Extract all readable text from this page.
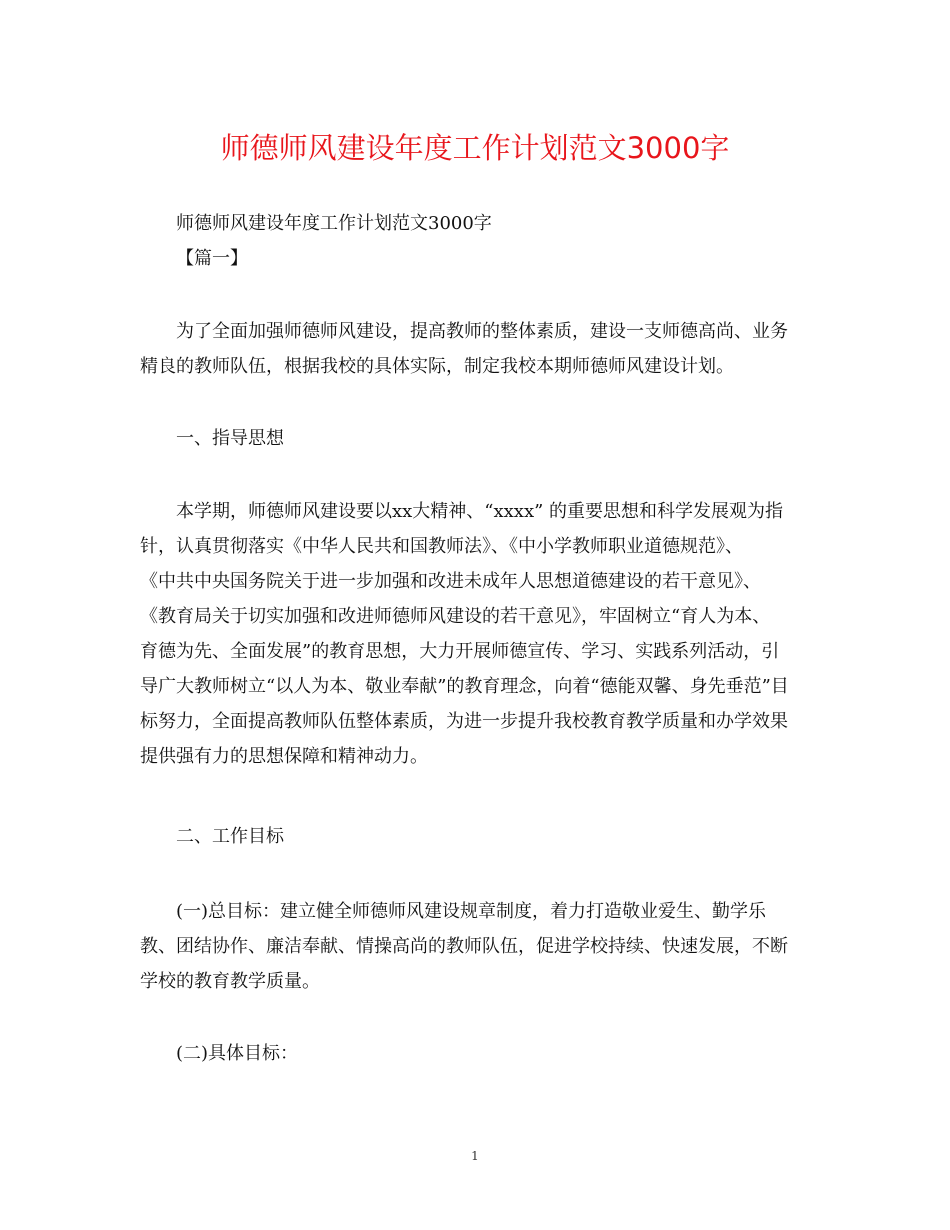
师德师风建设年度工作计划范文3000字
师德师风建设年度工作计划范文3000字
【篇一】
为了全面加强师德师风建设，提高教师的整体素质，建设一支师德高尚、业务
精良的教师队伍，根据我校的具体实际，制定我校本期师德师风建设计划。
一、指导思想
本学期，师德师风建设要以xx大精神、“xxxx” 的重要思想和科学发展观为指
针，认真贯彻落实《中华人民共和国教师法》、《中小学教师职业道德规范》、
《中共中央国务院关于进一步加强和改进未成年人思想道德建设的若干意见》、
《教育局关于切实加强和改进师德师风建设的若干意见》，牢固树立“育人为本、
育德为先、全面发展”的教育思想，大力开展师德宣传、学习、实践系列活动，引
导广大教师树立“以人为本、敬业奉献”的教育理念，向着“德能双馨、身先垂范”目
标努力，全面提高教师队伍整体素质，为进一步提升我校教育教学质量和办学效果
提供强有力的思想保障和精神动力。
二、工作目标
(一)总目标：建立健全师德师风建设规章制度，着力打造敬业爱生、勤学乐
教、团结协作、廉洁奉献、情操高尚的教师队伍，促进学校持续、快速发展，不断
学校的教育教学质量。
(二)具体目标：
1
